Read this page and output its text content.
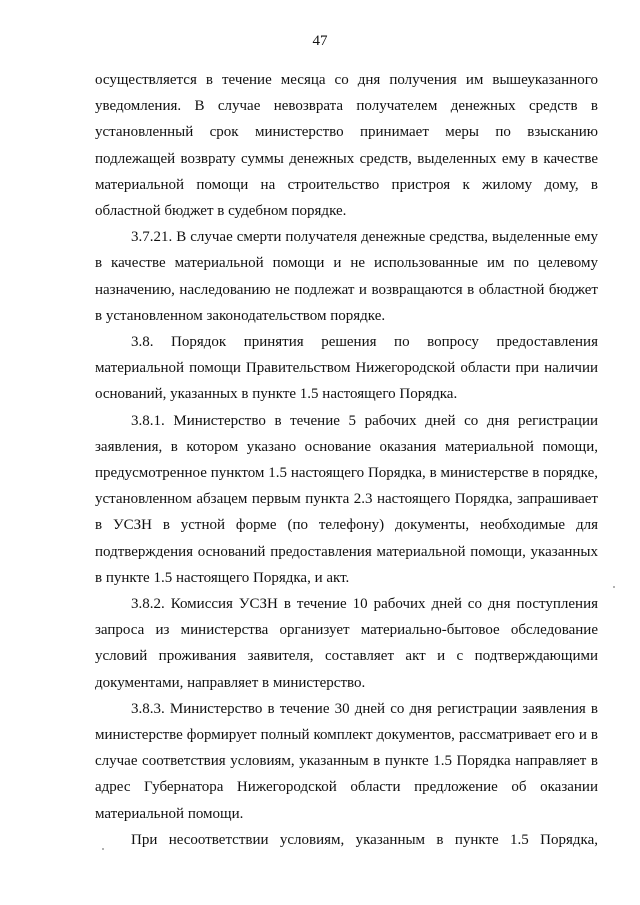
47

осуществляется в течение месяца со дня получения им вышеуказанного уведомления. В случае невозврата получателем денежных средств в установленный срок министерство принимает меры по взысканию подлежащей возврату суммы денежных средств, выделенных ему в качестве материальной помощи на строительство пристроя к жилому дому, в областной бюджет в судебном порядке.

3.7.21. В случае смерти получателя денежные средства, выделенные ему в качестве материальной помощи и не использованные им по целевому назначению, наследованию не подлежат и возвращаются в областной бюджет в установленном законодательством порядке.

3.8. Порядок принятия решения по вопросу предоставления материальной помощи Правительством Нижегородской области при наличии оснований, указанных в пункте 1.5 настоящего Порядка.

3.8.1. Министерство в течение 5 рабочих дней со дня регистрации заявления, в котором указано основание оказания материальной помощи, предусмотренное пунктом 1.5 настоящего Порядка, в министерстве в порядке, установленном абзацем первым пункта 2.3 настоящего Порядка, запрашивает в УСЗН в устной форме (по телефону) документы, необходимые для подтверждения оснований предоставления материальной помощи, указанных в пункте 1.5 настоящего Порядка, и акт.

3.8.2. Комиссия УСЗН в течение 10 рабочих дней со дня поступления запроса из министерства организует материально-бытовое обследование условий проживания заявителя, составляет акт и с подтверждающими документами, направляет в министерство.

3.8.3. Министерство в течение 30 дней со дня регистрации заявления в министерстве формирует полный комплект документов, рассматривает его и в случае соответствия условиям, указанным в пункте 1.5 Порядка направляет в адрес Губернатора Нижегородской области предложение об оказании материальной помощи.

При несоответствии условиям, указанным в пункте 1.5 Порядка,
